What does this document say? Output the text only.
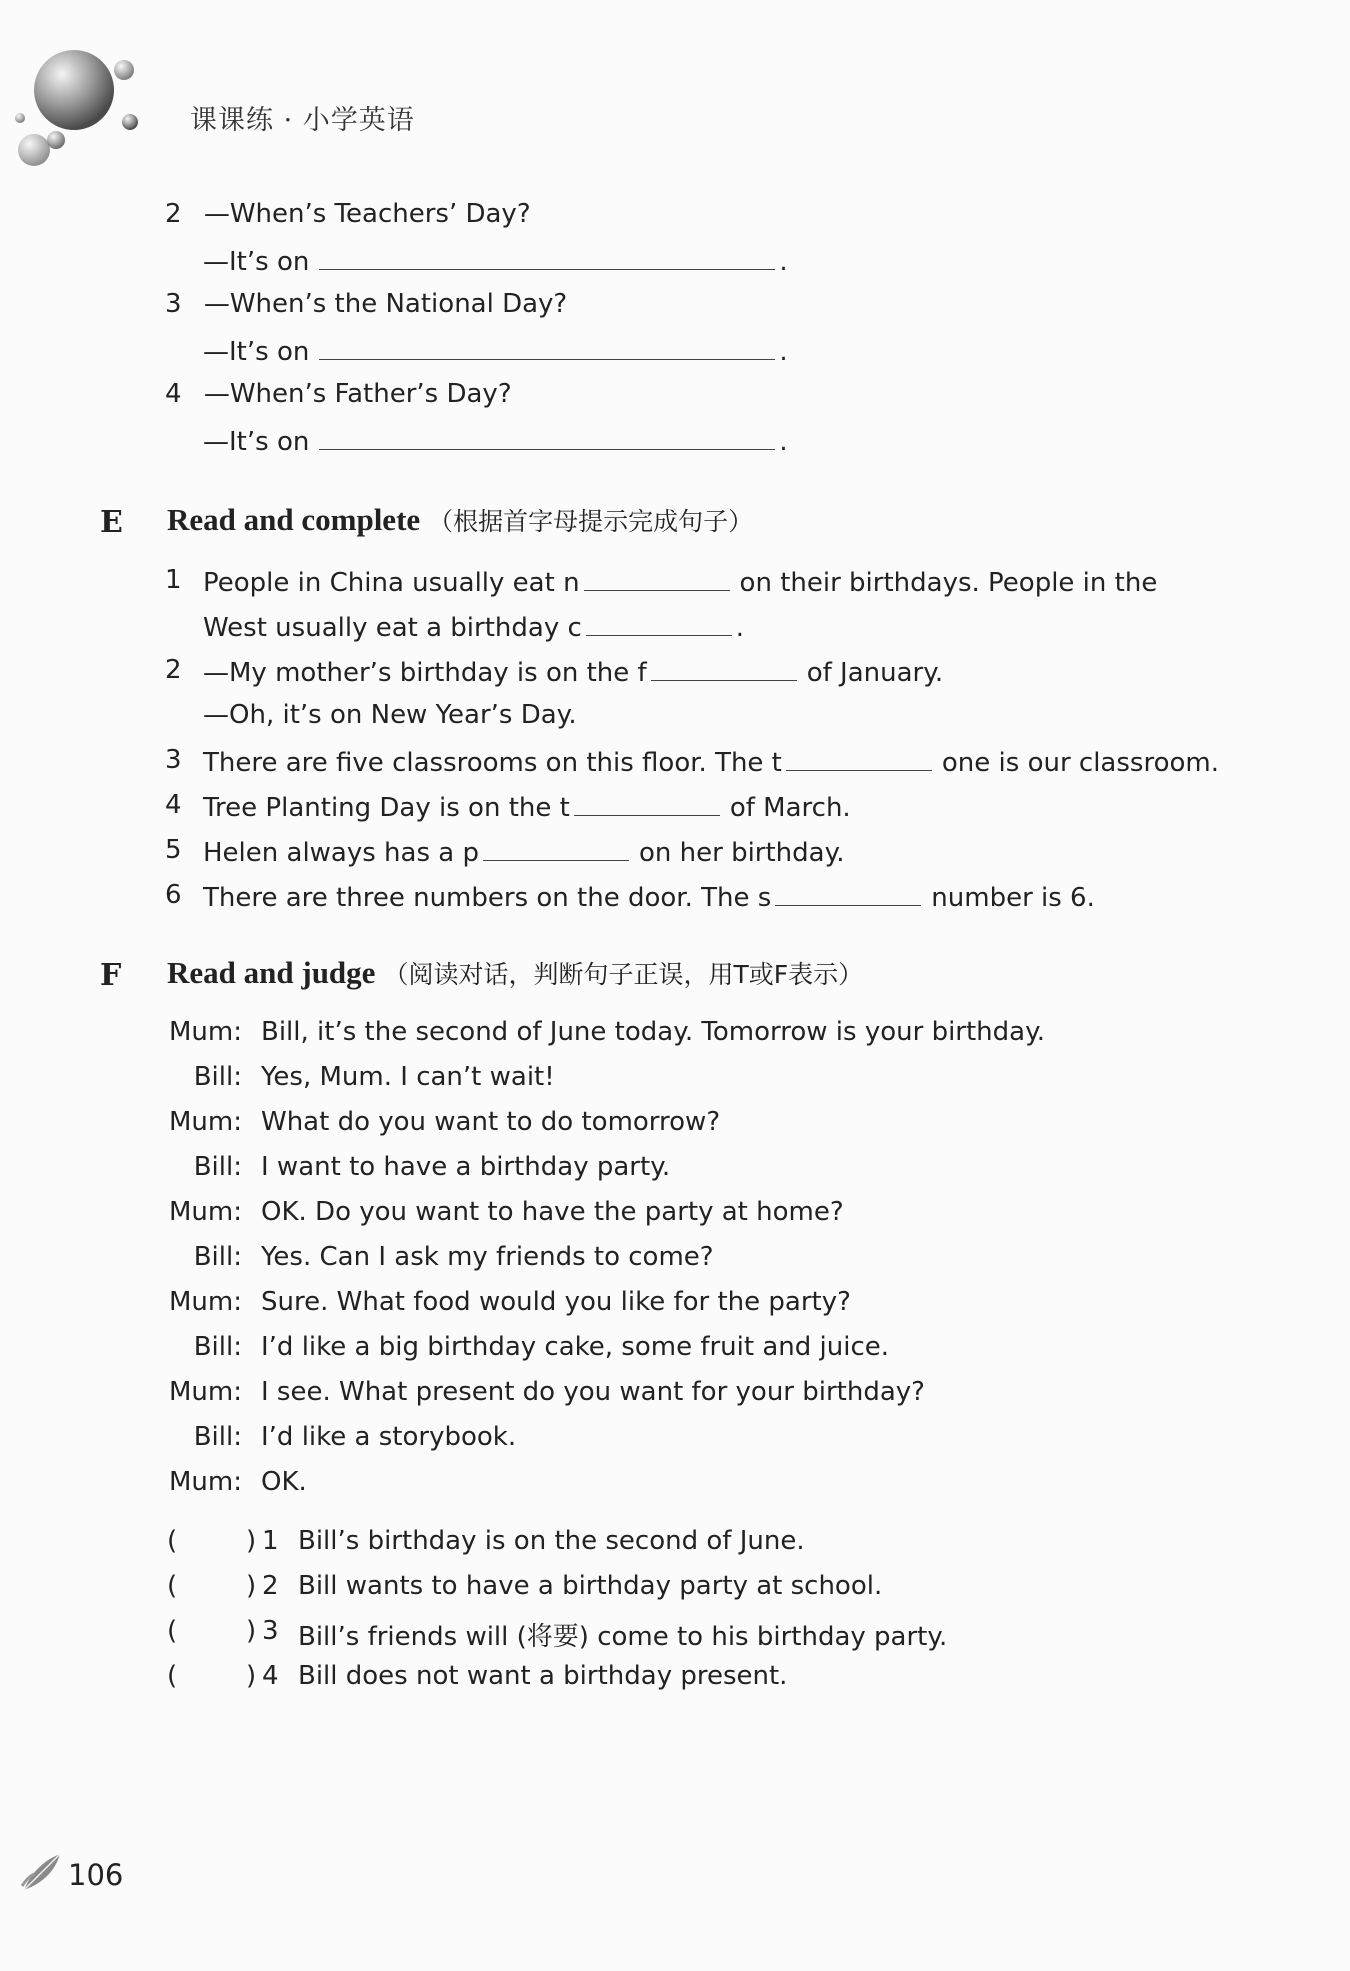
课课练 · 小学英语
2 —When’s Teachers’ Day?
—It’s on	.
3 —When’s the National Day?
—It’s on	.
4 —When’s Father’s Day?
—It’s on	.
E Read and complete （根据首字母提示完成句子）
1 People in China usually eat n	on their birthdays. People in the
West usually eat a birthday c	.
2 —My mother’s birthday is on the f	of January.
—Oh, it’s on New Year’s Day.
3 There are five classrooms on this floor. The t	one is our classroom.
4 Tree Planting Day is on the t	of March.
5 Helen always has a p	on her birthday.
6 There are three numbers on the door. The s	number is 6.
F Read and judge （阅读对话，判断句子正误，用T或F表示）
Mum: Bill, it’s the second of June today. Tomorrow is your birthday.
Bill: Yes, Mum. I can’t wait!
Mum: What do you want to do tomorrow?
Bill: I want to have a birthday party.
Mum: OK. Do you want to have the party at home?
Bill: Yes. Can I ask my friends to come?
Mum: Sure. What food would you like for the party?
Bill: I’d like a big birthday cake, some fruit and juice.
Mum: I see. What present do you want for your birthday?
Bill: I’d like a storybook.
Mum: OK.
(	) 1 Bill’s birthday is on the second of June.
(	) 2 Bill wants to have a birthday party at school.
(	) 3 Bill’s friends will (将要) come to his birthday party.
(	) 4 Bill does not want a birthday present.
106
